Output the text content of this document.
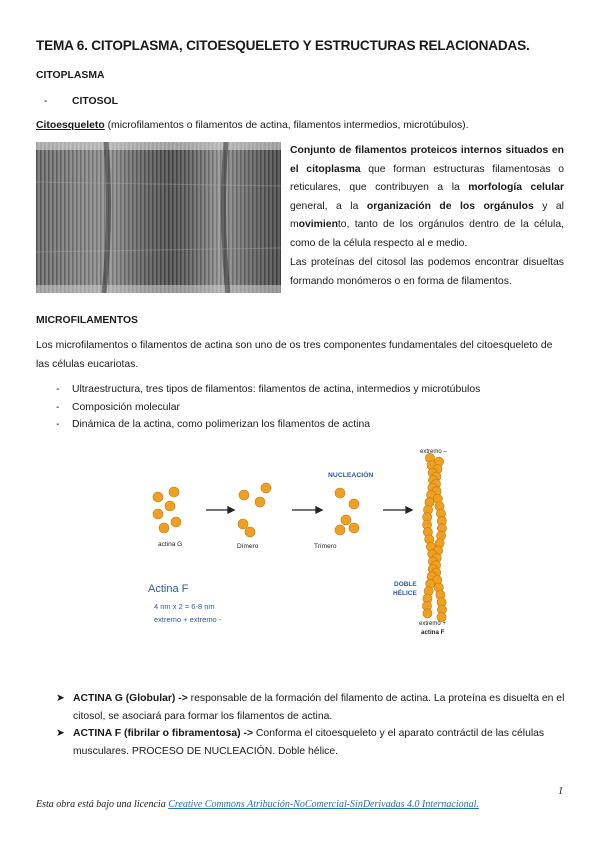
TEMA 6. CITOPLASMA, CITOESQUELETO Y ESTRUCTURAS RELACIONADAS.
CITOPLASMA
- CITOSOL
Citoesqueleto (microfilamentos o filamentos de actina, filamentos intermedios, microtúbulos).
Conjunto de filamentos proteicos internos situados en el citoplasma que forman estructuras filamentosas o reticulares, que contribuyen a la morfología celular general, a la organización de los orgánulos y al movimiento, tanto de los orgánulos dentro de la célula, como de la célula respecto al e medio.
Las proteínas del citosol las podemos encontrar disueltas formando monómeros o en forma de filamentos.
MICROFILAMENTOS
Los microfilamentos o filamentos de actina son uno de os tres componentes fundamentales del citoesqueleto de las células eucariotas.
- Ultraestructura, tres tipos de filamentos: filamentos de actina, intermedios y microtúbulos
- Composición molecular
- Dinámica de la actina, como polimerizan los filamentos de actina
actina G	Dímero	Trímero
NUCLEACIÓN
extremo –
DOBLE
HÉLICE
extremo +
actina F
Actina F
4 nm x 2 = 6-8 nm
extremo + extremo -
➤ ACTINA G (Globular) -> responsable de la formación del filamento de actina. La proteína es disuelta en el citosol, se asociará para formar los filamentos de actina.
➤ ACTINA F (fibrilar o fibramentosa) -> Conforma el citoesqueleto y el aparato contráctil de las células musculares. PROCESO DE NUCLEACIÓN. Doble hélice.
1
Esta obra está bajo una licencia Creative Commons Atribución-NoComercial-SinDerivadas 4.0 Internacional.
